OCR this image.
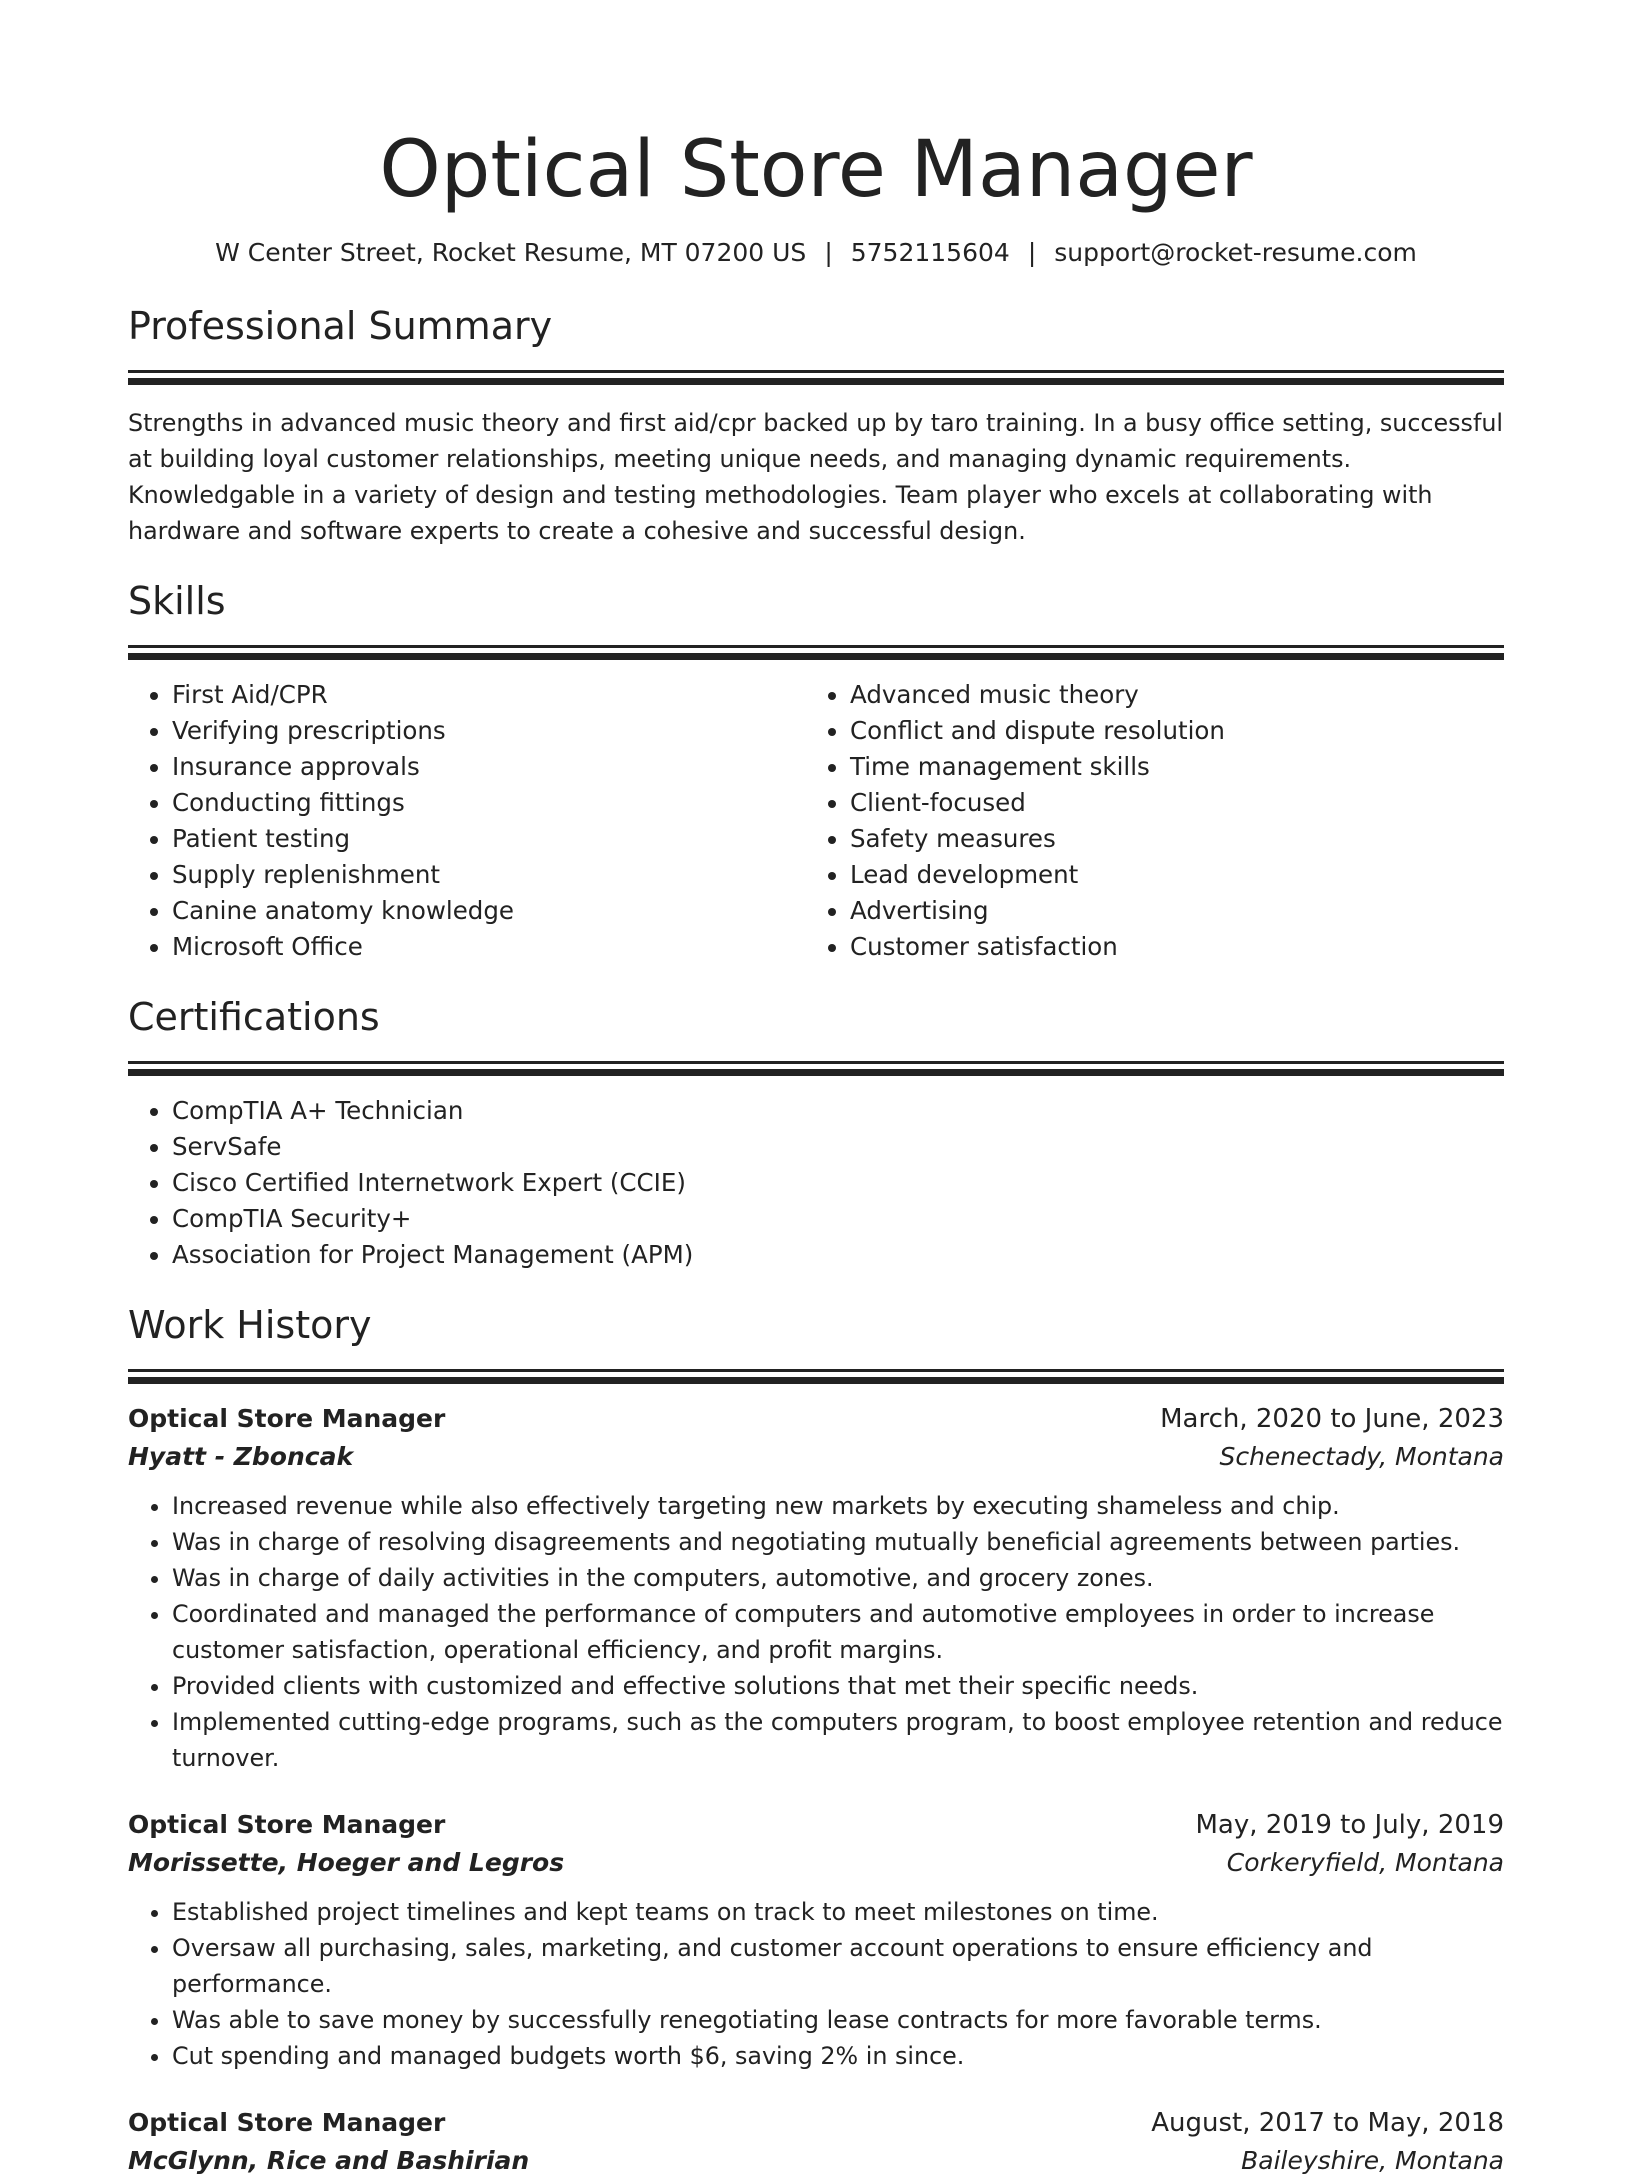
Optical Store Manager
W Center Street, Rocket Resume, MT 07200 US | 5752115604 | support@rocket-resume.com
Professional Summary

Strengths in advanced music theory and first aid/cpr backed up by taro training. In a busy office setting, successful at building loyal customer relationships, meeting unique needs, and managing dynamic requirements. Knowledgable in a variety of design and testing methodologies. Team player who excels at collaborating with hardware and software experts to create a cohesive and successful design.

Skills
• First Aid/CPR
• Verifying prescriptions
• Insurance approvals
• Conducting fittings
• Patient testing
• Supply replenishment
• Canine anatomy knowledge
• Microsoft Office
• Advanced music theory
• Conflict and dispute resolution
• Time management skills
• Client-focused
• Safety measures
• Lead development
• Advertising
• Customer satisfaction
Certifications
• CompTIA A+ Technician
• ServSafe
• Cisco Certified Internetwork Expert (CCIE)
• CompTIA Security+
• Association for Project Management (APM)
Work History
Optical Store Manager	March, 2020 to June, 2023
Hyatt - Zboncak	Schenectady, Montana
• Increased revenue while also effectively targeting new markets by executing shameless and chip.
• Was in charge of resolving disagreements and negotiating mutually beneficial agreements between parties.
• Was in charge of daily activities in the computers, automotive, and grocery zones.
• Coordinated and managed the performance of computers and automotive employees in order to increase customer satisfaction, operational efficiency, and profit margins.
• Provided clients with customized and effective solutions that met their specific needs.
• Implemented cutting-edge programs, such as the computers program, to boost employee retention and reduce turnover.
Optical Store Manager	May, 2019 to July, 2019
Morissette, Hoeger and Legros	Corkeryfield, Montana
• Established project timelines and kept teams on track to meet milestones on time.
• Oversaw all purchasing, sales, marketing, and customer account operations to ensure efficiency and performance.
• Was able to save money by successfully renegotiating lease contracts for more favorable terms.
• Cut spending and managed budgets worth $6, saving 2% in since.
Optical Store Manager	August, 2017 to May, 2018
McGlynn, Rice and Bashirian	Baileyshire, Montana
